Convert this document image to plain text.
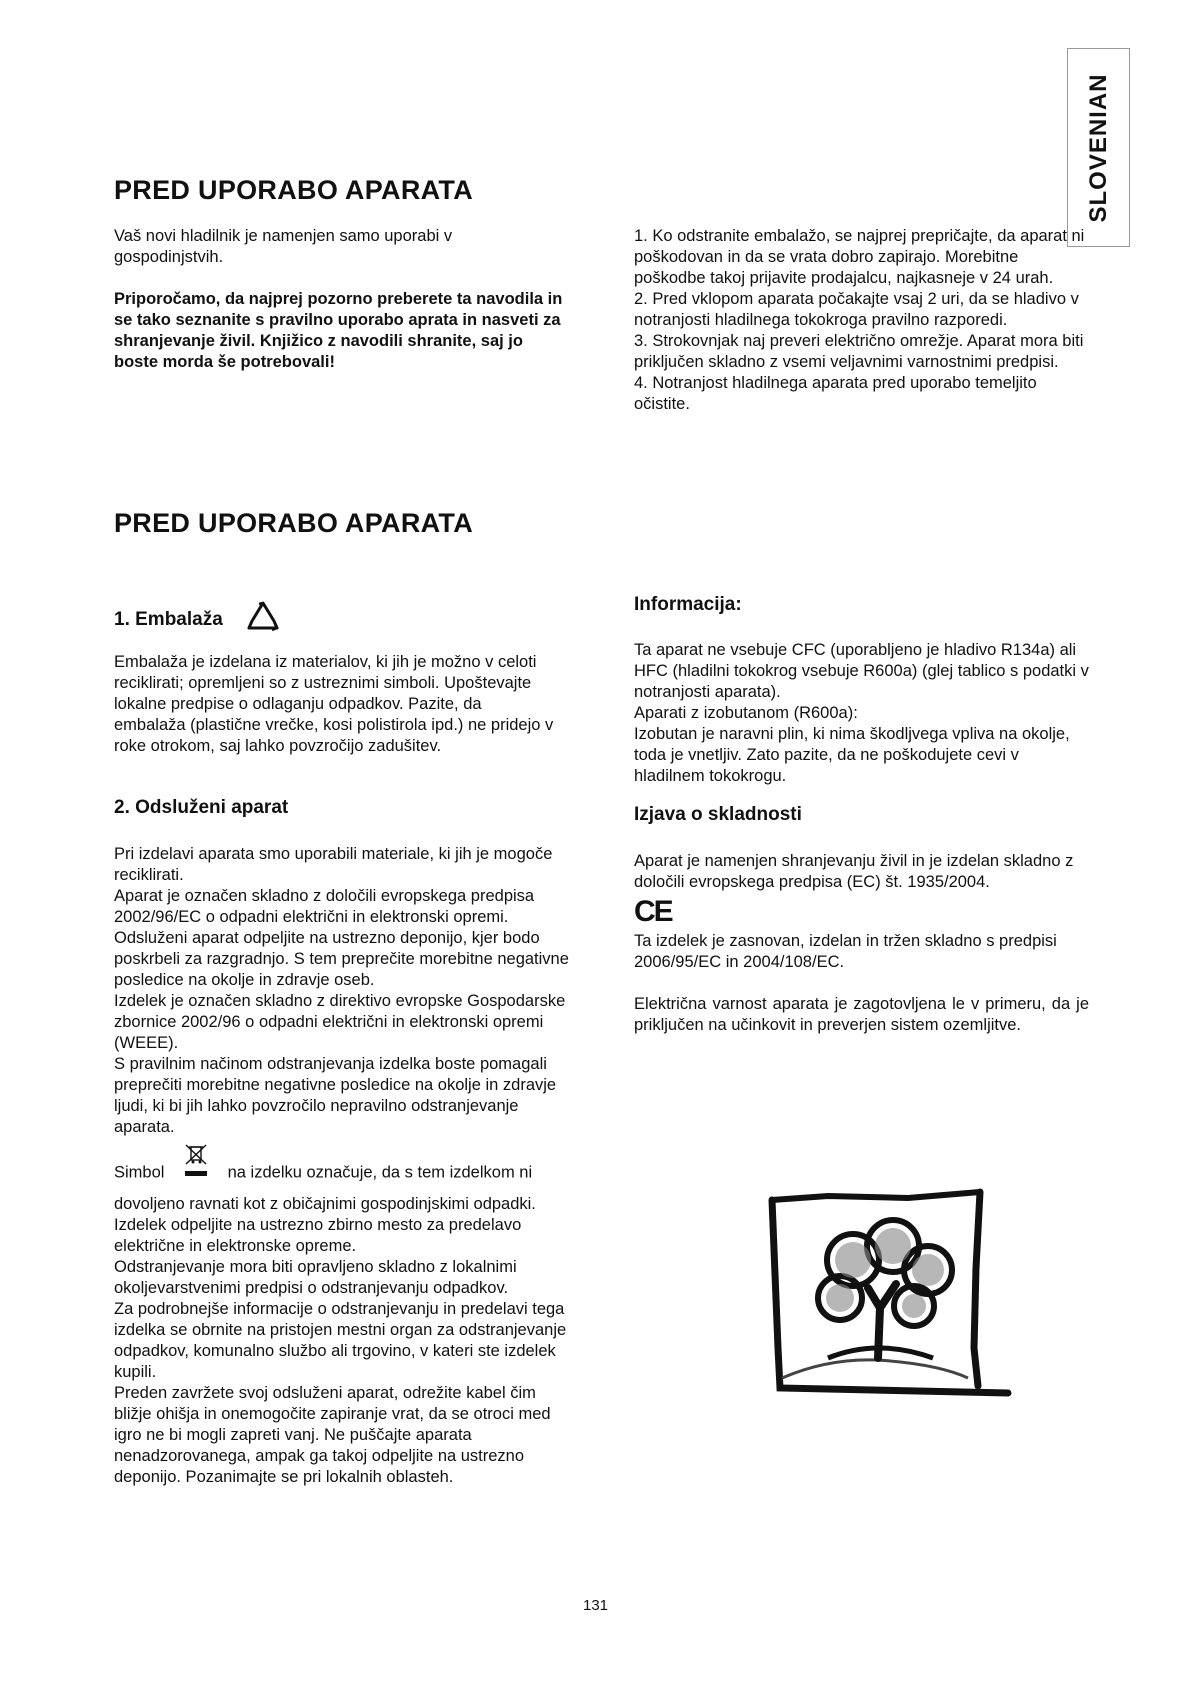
SLOVENIAN
PRED UPORABO APARATA

Vaš novi hladilnik je namenjen samo uporabi v gospodinjstvih.

Priporočamo, da najprej pozorno preberete ta navodila in se tako seznanite s pravilno uporabo aprata in nasveti za shranjevanje živil. Knjižico z navodili shranite, saj jo boste morda še potrebovali!

1. Ko odstranite embalažo, se najprej prepričajte, da aparat ni poškodovan in da se vrata dobro zapirajo. Morebitne poškodbe takoj prijavite prodajalcu, najkasneje v 24 urah.

2. Pred vklopom aparata počakajte vsaj 2 uri, da se hladivo v notranjosti hladilnega tokokroga pravilno razporedi.

3. Strokovnjak naj preveri električno omrežje. Aparat mora biti priključen skladno z vsemi veljavnimi varnostnimi predpisi.

4. Notranjost hladilnega aparata pred uporabo temeljito očistite.

PRED UPORABO APARATA
1. Embalaža

Embalaža je izdelana iz materialov, ki jih je možno v celoti reciklirati; opremljeni so z ustreznimi simboli. Upoštevajte lokalne predpise o odlaganju odpadkov. Pazite, da embalaža (plastične vrečke, kosi polistirola ipd.) ne pridejo v roke otrokom, saj lahko povzročijo zadušitev.

2. Odsluženi aparat

Pri izdelavi aparata smo uporabili materiale, ki jih je mogoče reciklirati.

Aparat je označen skladno z določili evropskega predpisa 2002/96/EC o odpadni električni in elektronski opremi. Odsluženi aparat odpeljite na ustrezno deponijo, kjer bodo poskrbeli za razgradnjo. S tem preprečite morebitne negativne posledice na okolje in zdravje oseb.

Izdelek je označen skladno z direktivo evropske Gospodarske zbornice 2002/96 o odpadni električni in elektronski opremi (WEEE).

S pravilnim načinom odstranjevanja izdelka boste pomagali preprečiti morebitne negativne posledice na okolje in zdravje ljudi, ki bi jih lahko povzročilo nepravilno odstranjevanje aparata.

Simbol	na izdelku označuje, da s tem izdelkom ni dovoljeno ravnati kot z običajnimi gospodinjskimi odpadki. Izdelek odpeljite na ustrezno zbirno mesto za predelavo električne in elektronske opreme.

Odstranjevanje mora biti opravljeno skladno z lokalnimi okoljevarstvenimi predpisi o odstranjevanju odpadkov.

Za podrobnejše informacije o odstranjevanju in predelavi tega izdelka se obrnite na pristojen mestni organ za odstranjevanje odpadkov, komunalno službo ali trgovino, v kateri ste izdelek kupili.

Preden zavržete svoj odsluženi aparat, odrežite kabel čim bližje ohišja in onemogočite zapiranje vrat, da se otroci med igro ne bi mogli zapreti vanj. Ne puščajte aparata nenadzorovanega, ampak ga takoj odpeljite na ustrezno deponijo. Pozanimajte se pri lokalnih oblasteh.

Informacija:

Ta aparat ne vsebuje CFC (uporabljeno je hladivo R134a) ali HFC (hladilni tokokrog vsebuje R600a) (glej tablico s podatki v notranjosti aparata).

Aparati z izobutanom (R600a):

Izobutan je naravni plin, ki nima škodljvega vpliva na okolje, toda je vnetljiv. Zato pazite, da ne poškodujete cevi v hladilnem tokokrogu.

Izjava o skladnosti

Aparat je namenjen shranjevanju živil in je izdelan skladno z določili evropskega predpisa (EC) št. 1935/2004.

CE

Ta izdelek je zasnovan, izdelan in tržen skladno s predpisi 2006/95/EC in 2004/108/EC.

Električna varnost aparata je zagotovljena le v primeru, da je priključen na učinkovit in preverjen sistem ozemljitve.

131
